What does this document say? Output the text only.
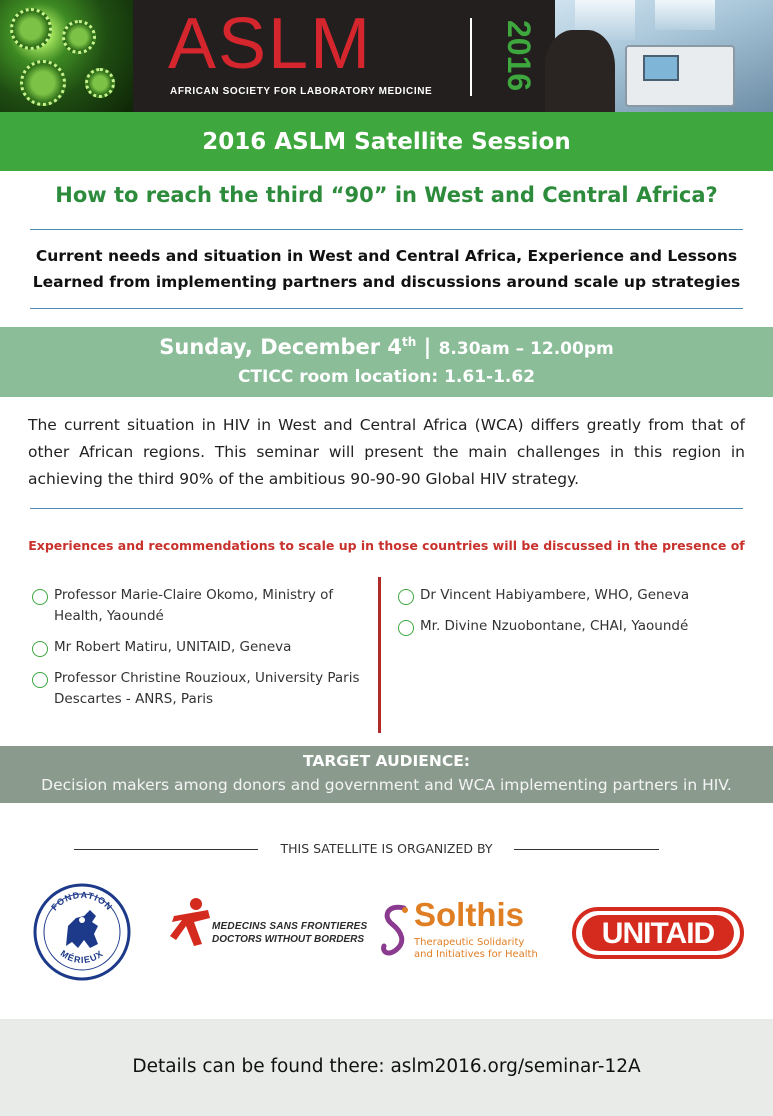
ASLM
AFRICAN SOCIETY FOR LABORATORY MEDICINE
2016
2016 ASLM Satellite Session
How to reach the third “90” in West and Central Africa?
Current needs and situation in West and Central Africa, Experience and Lessons
Learned from implementing partners and discussions around scale up strategies
Sunday, December 4th | 8.30am – 12.00pm
CTICC room location: 1.61-1.62
The current situation in HIV in West and Central Africa (WCA) differs greatly from that of other African regions. This seminar will present the main challenges in this region in achieving the third 90% of the ambitious 90-90-90 Global HIV strategy.
Experiences and recommendations to scale up in those countries will be discussed in the presence of
Professor Marie-Claire Okomo, Ministry of Health, Yaoundé
Mr Robert Matiru, UNITAID, Geneva
Professor Christine Rouzioux, University Paris Descartes - ANRS, Paris
Dr Vincent Habiyambere, WHO, Geneva
Mr. Divine Nzuobontane, CHAI, Yaoundé
TARGET AUDIENCE:
Decision makers among donors and government and WCA implementing partners in HIV.
THIS SATELLITE IS ORGANIZED BY
FONDATION
MÉRIEUX
MEDECINS SANS FRONTIERES
DOCTORS WITHOUT BORDERS
Solthis
Therapeutic Solidarity
and Initiatives for Health
UNITAID
Details can be found there: aslm2016.org/seminar-12A
